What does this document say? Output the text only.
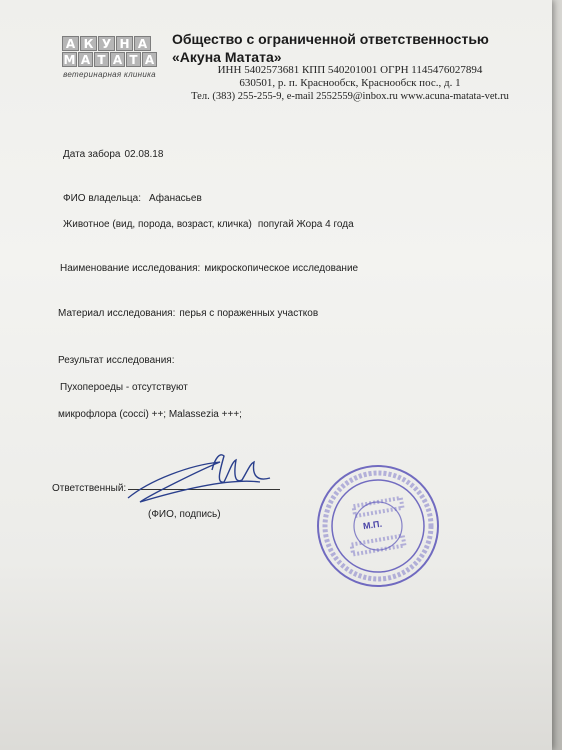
А К У Н А
М А Т А Т А
ветеринарная клиника
Общество с ограниченной ответственностью «Акуна Матата»
ИНН 5402573681 КПП 540201001 ОГРН 1145476027894
630501, р. п. Краснообск, Краснообск пос., д. 1
Тел. (383) 255-255-9, e-mail 2552559@inbox.ru www.acuna-matata-vet.ru
Дата забора 02.08.18
ФИО владельца: Афанасьев
Животное (вид, порода, возраст, кличка) попугай Жора 4 года
Наименование исследования: микроскопическое исследование
Материал исследования: перья с пораженных участков
Результат исследования:
Пухопероеды - отсутствуют
микрофлора (cocci) ++; Malassezia +++;
Ответственный:
(ФИО, подпись)
М.П.
